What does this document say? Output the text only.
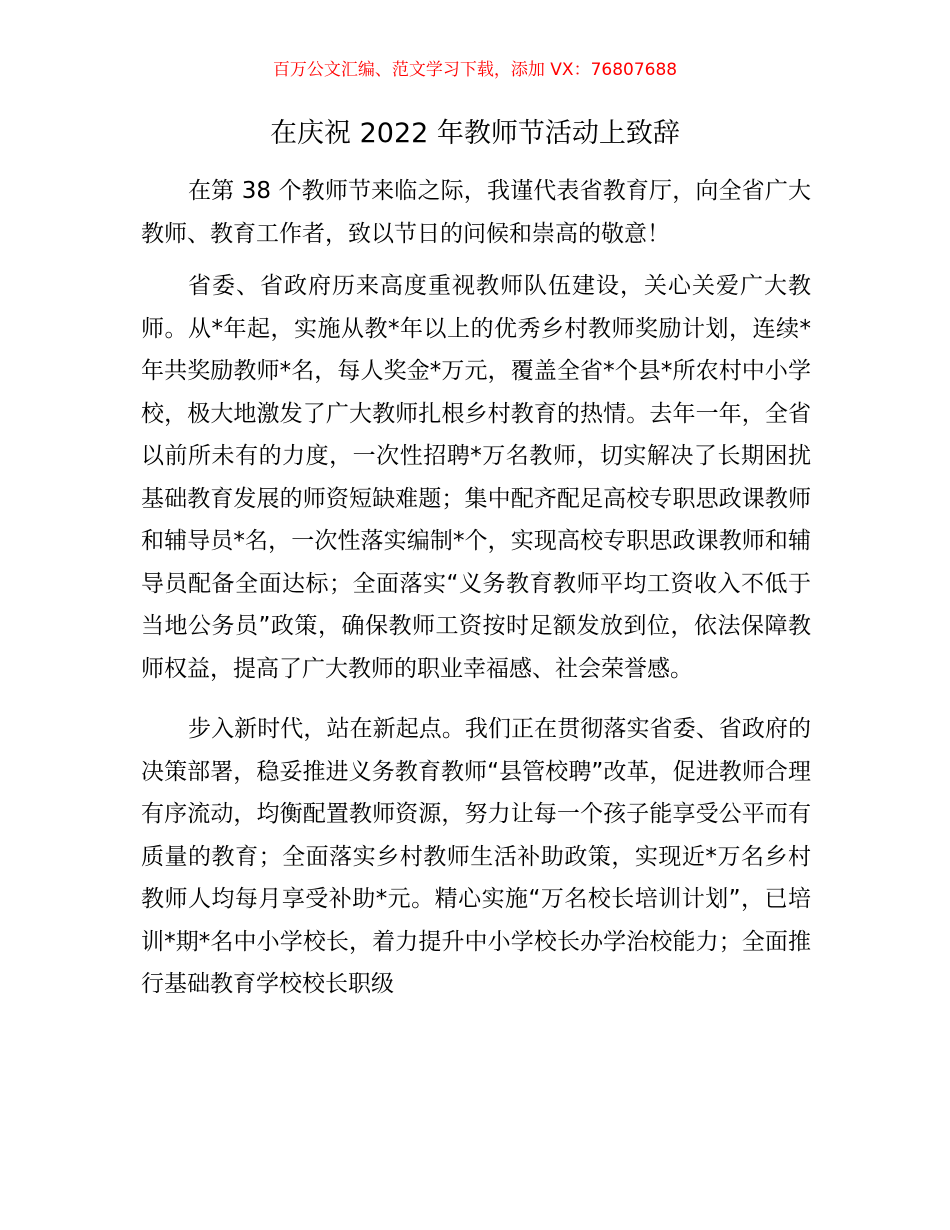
百万公文汇编、范文学习下载，添加 VX：76807688
在庆祝 2022 年教师节活动上致辞

在第 38 个教师节来临之际，我谨代表省教育厅，向全省广大教师、教育工作者，致以节日的问候和崇高的敬意！

省委、省政府历来高度重视教师队伍建设，关心关爱广大教师。从*年起，实施从教*年以上的优秀乡村教师奖励计划，连续*年共奖励教师*名，每人奖金*万元，覆盖全省*个县*所农村中小学校，极大地激发了广大教师扎根乡村教育的热情。去年一年，全省以前所未有的力度，一次性招聘*万名教师，切实解决了长期困扰基础教育发展的师资短缺难题；集中配齐配足高校专职思政课教师和辅导员*名，一次性落实编制*个，实现高校专职思政课教师和辅导员配备全面达标；全面落实“义务教育教师平均工资收入不低于当地公务员”政策，确保教师工资按时足额发放到位，依法保障教师权益，提高了广大教师的职业幸福感、社会荣誉感。

步入新时代，站在新起点。我们正在贯彻落实省委、省政府的决策部署，稳妥推进义务教育教师“县管校聘”改革，促进教师合理有序流动，均衡配置教师资源，努力让每一个孩子能享受公平而有质量的教育；全面落实乡村教师生活补助政策，实现近*万名乡村教师人均每月享受补助*元。精心实施“万名校长培训计划”，已培训*期*名中小学校长，着力提升中小学校长办学治校能力；全面推行基础教育学校校长职级
